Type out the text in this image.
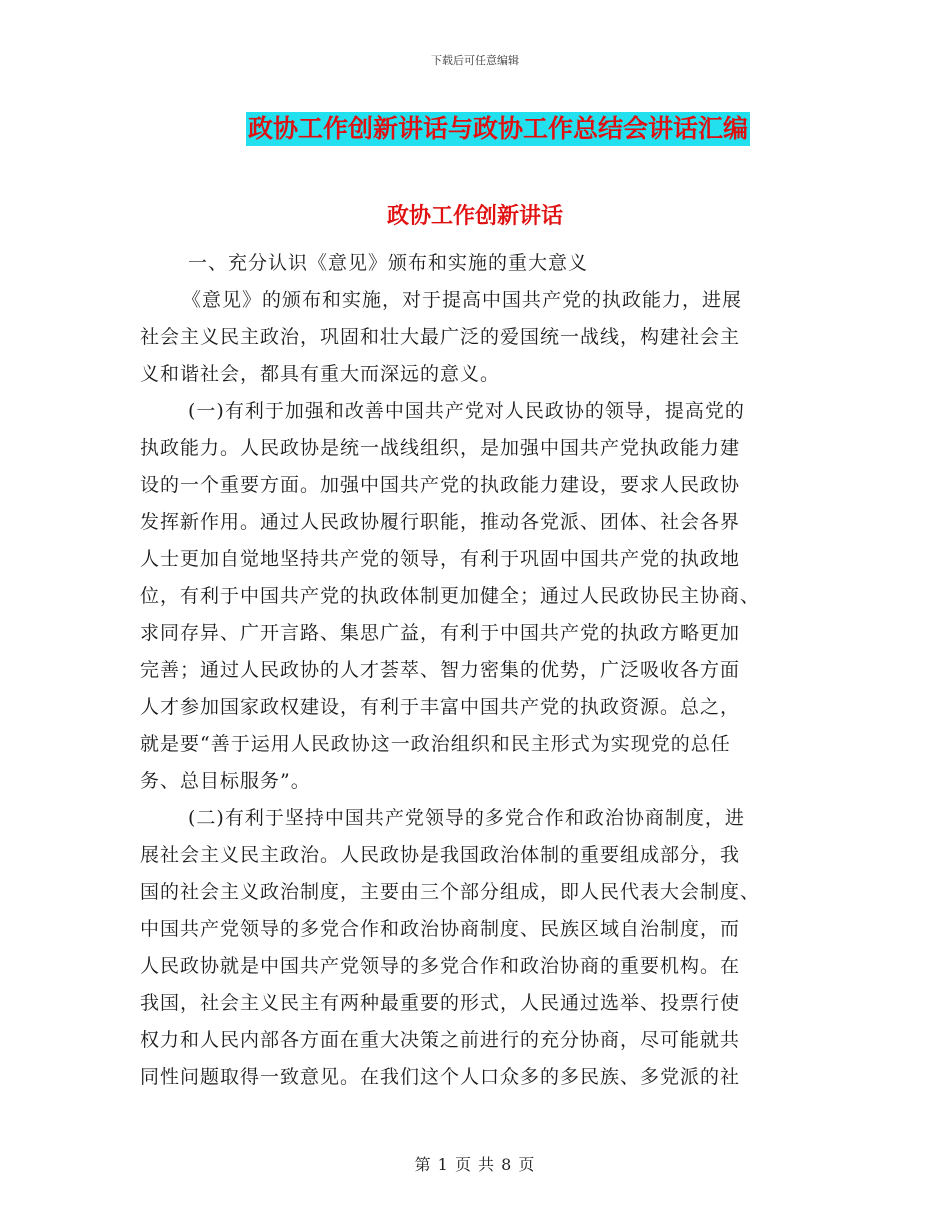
下载后可任意编辑
政协工作创新讲话与政协工作总结会讲话汇编
政协工作创新讲话

一、充分认识《意见》颁布和实施的重大意义

《意见》的颁布和实施，对于提高中国共产党的执政能力，进展

社会主义民主政治，巩固和壮大最广泛的爱国统一战线，构建社会主

义和谐社会，都具有重大而深远的意义。

(一)有利于加强和改善中国共产党对人民政协的领导，提高党的

执政能力。人民政协是统一战线组织，是加强中国共产党执政能力建

设的一个重要方面。加强中国共产党的执政能力建设，要求人民政协

发挥新作用。通过人民政协履行职能，推动各党派、团体、社会各界

人士更加自觉地坚持共产党的领导，有利于巩固中国共产党的执政地

位，有利于中国共产党的执政体制更加健全；通过人民政协民主协商、

求同存异、广开言路、集思广益，有利于中国共产党的执政方略更加

完善；通过人民政协的人才荟萃、智力密集的优势，广泛吸收各方面

人才参加国家政权建设，有利于丰富中国共产党的执政资源。总之，

就是要“善于运用人民政协这一政治组织和民主形式为实现党的总任

务、总目标服务”。

(二)有利于坚持中国共产党领导的多党合作和政治协商制度，进

展社会主义民主政治。人民政协是我国政治体制的重要组成部分，我

国的社会主义政治制度，主要由三个部分组成，即人民代表大会制度、

中国共产党领导的多党合作和政治协商制度、民族区域自治制度，而

人民政协就是中国共产党领导的多党合作和政治协商的重要机构。在

我国，社会主义民主有两种最重要的形式，人民通过选举、投票行使

权力和人民内部各方面在重大决策之前进行的充分协商，尽可能就共

同性问题取得一致意见。在我们这个人口众多的多民族、多党派的社

第 1 页 共 8 页
